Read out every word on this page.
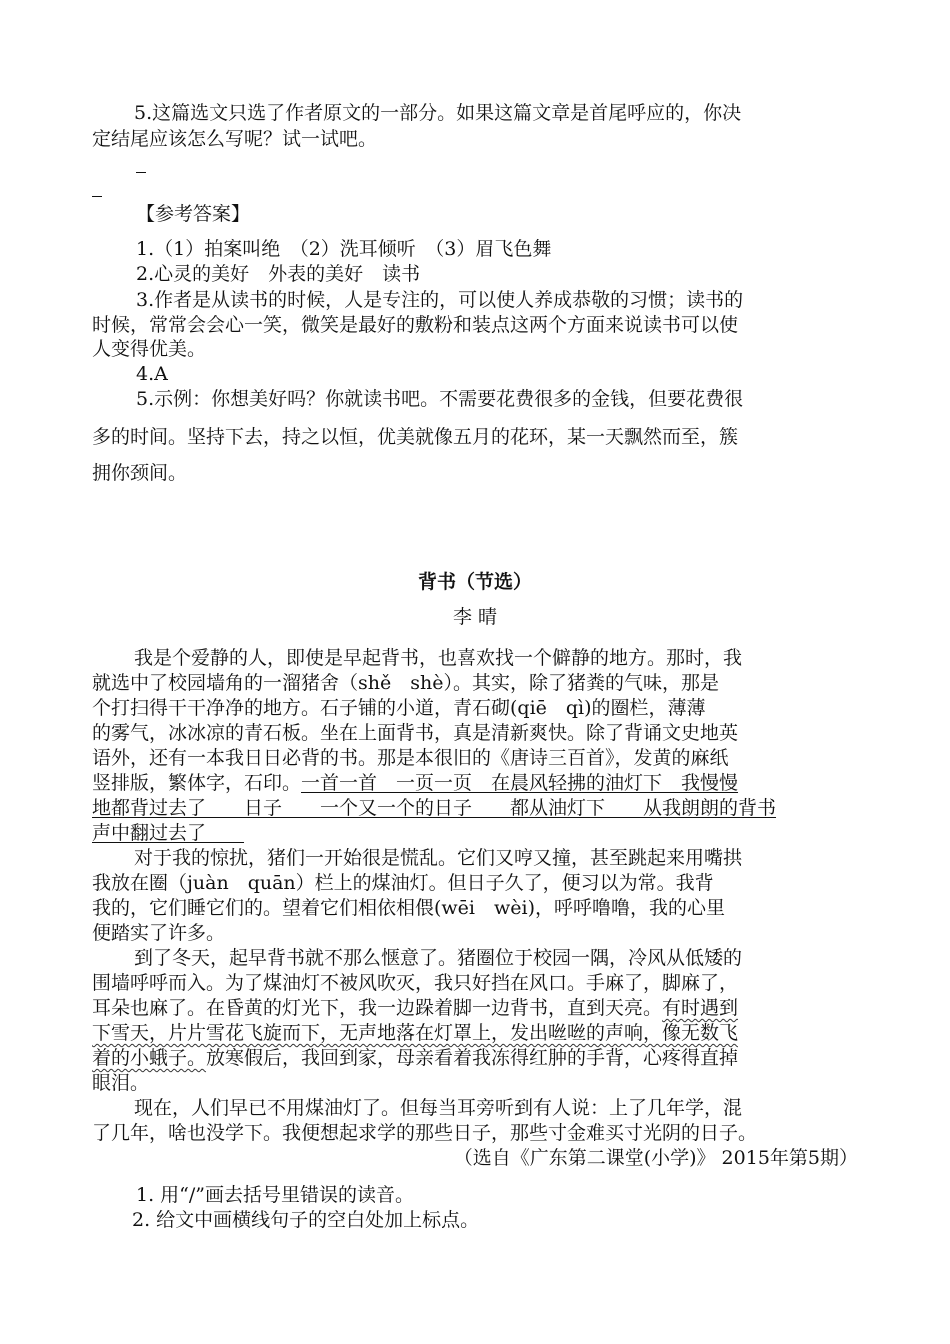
5.这篇选文只选了作者原文的一部分。如果这篇文章是首尾呼应的，你决
定结尾应该怎么写呢？试一试吧。
【参考答案】
1.（1）拍案叫绝　（2）洗耳倾听　（3）眉飞色舞
2.心灵的美好　外表的美好　读书
3.作者是从读书的时候，人是专注的，可以使人养成恭敬的习惯；读书的
时候，常常会会心一笑，微笑是最好的敷粉和装点这两个方面来说读书可以使
人变得优美。
4.A
5.示例：你想美好吗？你就读书吧。不需要花费很多的金钱，但要花费很
多的时间。坚持下去，持之以恒，优美就像五月的花环，某一天飘然而至，簇
拥你颈间。
背书（节选）
李 晴
我是个爱静的人，即使是早起背书，也喜欢找一个僻静的地方。那时，我
就选中了校园墙角的一溜猪舍（shě　shè）。其实，除了猪粪的气味，那是
个打扫得干干净净的地方。石子铺的小道，青石砌(qiē　qì)的圈栏，薄薄
的雾气，冰冰凉的青石板。坐在上面背书，真是清新爽快。除了背诵文史地英
语外，还有一本我日日必背的书。那是本很旧的《唐诗三百首》，发黄的麻纸
竖排版，繁体字，石印。一首一首　一页一页　在晨风轻拂的油灯下　我慢慢
地都背过去了　　日子　　一个又一个的日子　　都从油灯下　　从我朗朗的背书
声中翻过去了　　
对于我的惊扰，猪们一开始很是慌乱。它们又哼又撞，甚至跳起来用嘴拱
我放在圈（juàn　quān）栏上的煤油灯。但日子久了，便习以为常。我背
我的，它们睡它们的。望着它们相依相偎(wēi　wèi)，呼呼噜噜，我的心里
便踏实了许多。
到了冬天，起早背书就不那么惬意了。猪圈位于校园一隅，冷风从低矮的
围墙呼呼而入。为了煤油灯不被风吹灭，我只好挡在风口。手麻了，脚麻了，
耳朵也麻了。在昏黄的灯光下，我一边跺着脚一边背书，直到天亮。有时遇到
下雪天，片片雪花飞旋而下，无声地落在灯罩上，发出咝咝的声响，像无数飞
着的小蛾子。放寒假后，我回到家，母亲看着我冻得红肿的手背，心疼得直掉
眼泪。
现在，人们早已不用煤油灯了。但每当耳旁听到有人说：上了几年学，混
了几年，啥也没学下。我便想起求学的那些日子，那些寸金难买寸光阴的日子。
（选自《广东第二课堂(小学)》 2015年第5期）
1. 用“/”画去括号里错误的读音。
2. 给文中画横线句子的空白处加上标点。
